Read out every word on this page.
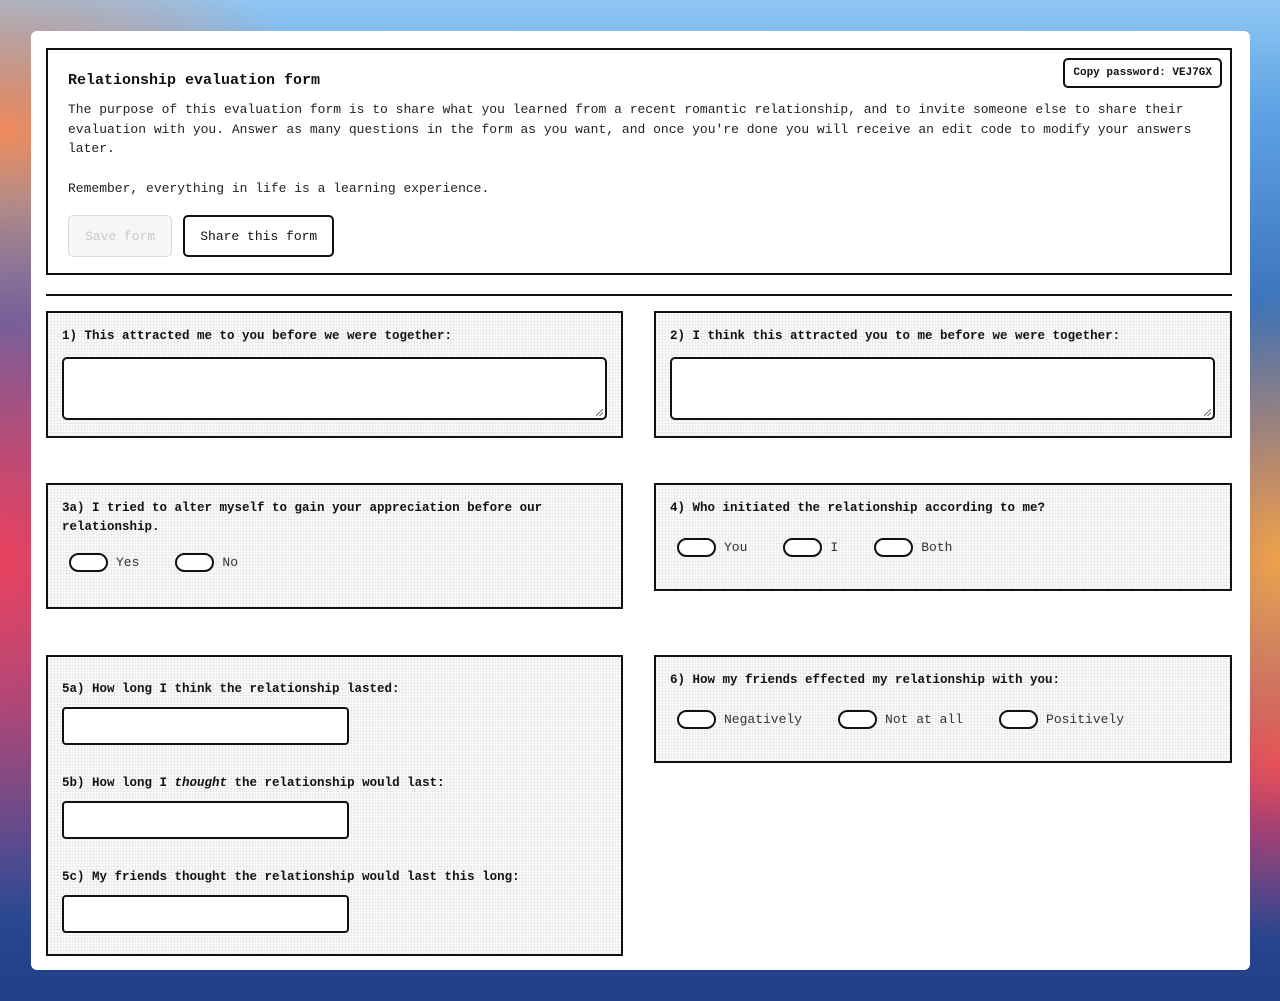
Copy password: VEJ7GX
Relationship evaluation form

The purpose of this evaluation form is to share what you learned from a recent romantic relationship, and to invite someone else to share their evaluation with you. Answer as many questions in the form as you want, and once you're done you will receive an edit code to modify your answers later.

Remember, everything in life is a learning experience.

Save form	Share this form
1) This attracted me to you before we were together:	2) I think this attracted you to me before we were together:
3a) I tried to alter myself to gain your appreciation before our relationship.
Yes	No
4) Who initiated the relationship according to me?
You	I	Both
5a) How long I think the relationship lasted:
5b) How long I thought the relationship would last:
5c) My friends thought the relationship would last this long:
6) How my friends effected my relationship with you:
Negatively	Not at all	Positively
